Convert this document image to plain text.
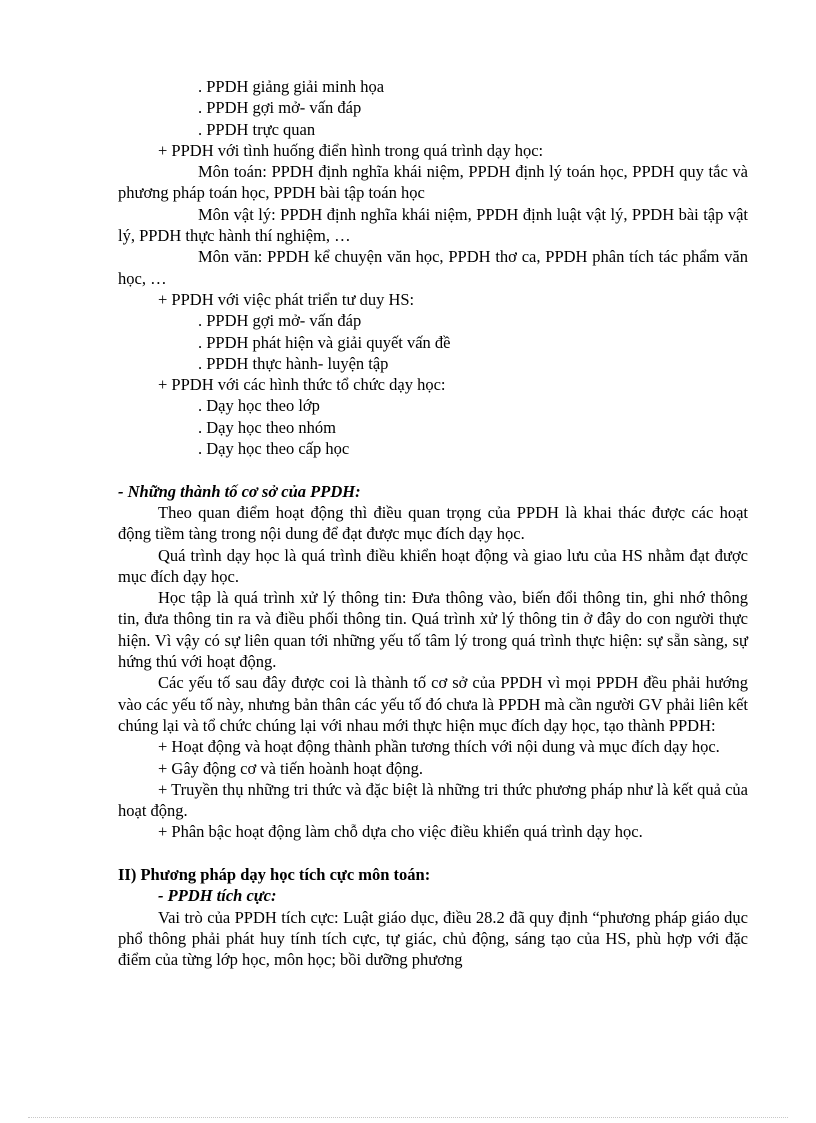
. PPDH giảng giải minh họa

. PPDH gợi mở- vấn đáp

. PPDH trực quan

+ PPDH với tình huống điển hình trong quá trình dạy học:

Môn toán: PPDH định nghĩa khái niệm, PPDH định lý toán học, PPDH quy tắc và phương pháp toán học, PPDH bài tập toán học

Môn vật lý: PPDH định nghĩa khái niệm, PPDH định luật vật lý, PPDH bài tập vật lý, PPDH thực hành thí nghiệm, …

Môn văn: PPDH kể chuyện văn học, PPDH thơ ca, PPDH phân tích tác phẩm văn học, …

+ PPDH với việc phát triển tư duy HS:

. PPDH gợi mở- vấn đáp

. PPDH phát hiện và giải quyết vấn đề

. PPDH thực hành- luyện tập

+ PPDH với các hình thức tổ chức dạy học:

. Dạy học theo lớp

. Dạy học theo nhóm

. Dạy học theo cấp học

- Những thành tố cơ sở của PPDH:

Theo quan điểm hoạt động thì điều quan trọng của PPDH là khai thác được các hoạt động tiềm tàng trong nội dung để đạt được mục đích dạy học.

Quá trình dạy học là quá trình điều khiển hoạt động và giao lưu của HS nhằm đạt được mục đích dạy học.

Học tập là quá trình xử lý thông tin: Đưa thông vào, biến đổi thông tin, ghi nhớ thông tin, đưa thông tin ra và điều phối thông tin. Quá trình xử lý thông tin ở đây do con người thực hiện. Vì vậy có sự liên quan tới những yếu tố tâm lý trong quá trình thực hiện: sự sẵn sàng, sự hứng thú với hoạt động.

Các yếu tố sau đây được coi là thành tố cơ sở của PPDH vì mọi PPDH đều phải hướng vào các yếu tố này, nhưng bản thân các yếu tố đó chưa là PPDH mà cần người GV phải liên kết chúng lại và tổ chức chúng lại với nhau mới thực hiện mục đích dạy học, tạo thành PPDH:

+ Hoạt động và hoạt động thành phần tương thích với nội dung và mục đích dạy học.

+ Gây động cơ và tiến hoành hoạt động.

+ Truyền thụ những tri thức và đặc biệt là những tri thức phương pháp như là kết quả của hoạt động.

+ Phân bậc hoạt động làm chỗ dựa cho việc điều khiển quá trình dạy học.

II) Phương pháp dạy học tích cực môn toán:

- PPDH tích cực:

Vai trò của PPDH tích cực: Luật giáo dục, điều 28.2 đã quy định “phương pháp giáo dục phổ thông phải phát huy tính tích cực, tự giác, chủ động, sáng tạo của HS, phù hợp với đặc điểm của từng lớp học, môn học; bồi dưỡng phương
